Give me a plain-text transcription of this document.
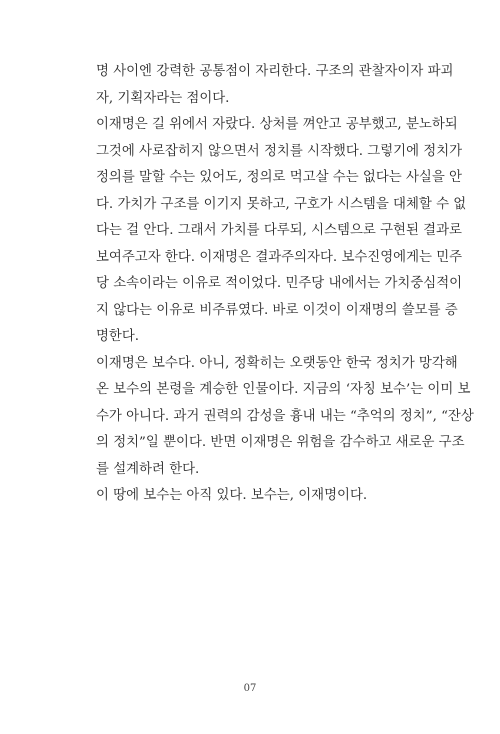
명 사이엔 강력한 공통점이 자리한다. 구조의 관찰자이자 파괴
자, 기획자라는 점이다.
이재명은 길 위에서 자랐다. 상처를 껴안고 공부했고, 분노하되
그것에 사로잡히지 않으면서 정치를 시작했다. 그렇기에 정치가
정의를 말할 수는 있어도, 정의로 먹고살 수는 없다는 사실을 안
다. 가치가 구조를 이기지 못하고, 구호가 시스템을 대체할 수 없
다는 걸 안다. 그래서 가치를 다루되, 시스템으로 구현된 결과로
보여주고자 한다. 이재명은 결과주의자다. 보수진영에게는 민주
당 소속이라는 이유로 적이었다. 민주당 내에서는 가치중심적이
지 않다는 이유로 비주류였다. 바로 이것이 이재명의 쓸모를 증
명한다.
이재명은 보수다. 아니, 정확히는 오랫동안 한국 정치가 망각해
온 보수의 본령을 계승한 인물이다. 지금의 ‘자칭 보수’는 이미 보
수가 아니다. 과거 권력의 감성을 흉내 내는 “추억의 정치”, “잔상
의 정치”일 뿐이다. 반면 이재명은 위험을 감수하고 새로운 구조
를 설계하려 한다.
이 땅에 보수는 아직 있다. 보수는, 이재명이다.
07
